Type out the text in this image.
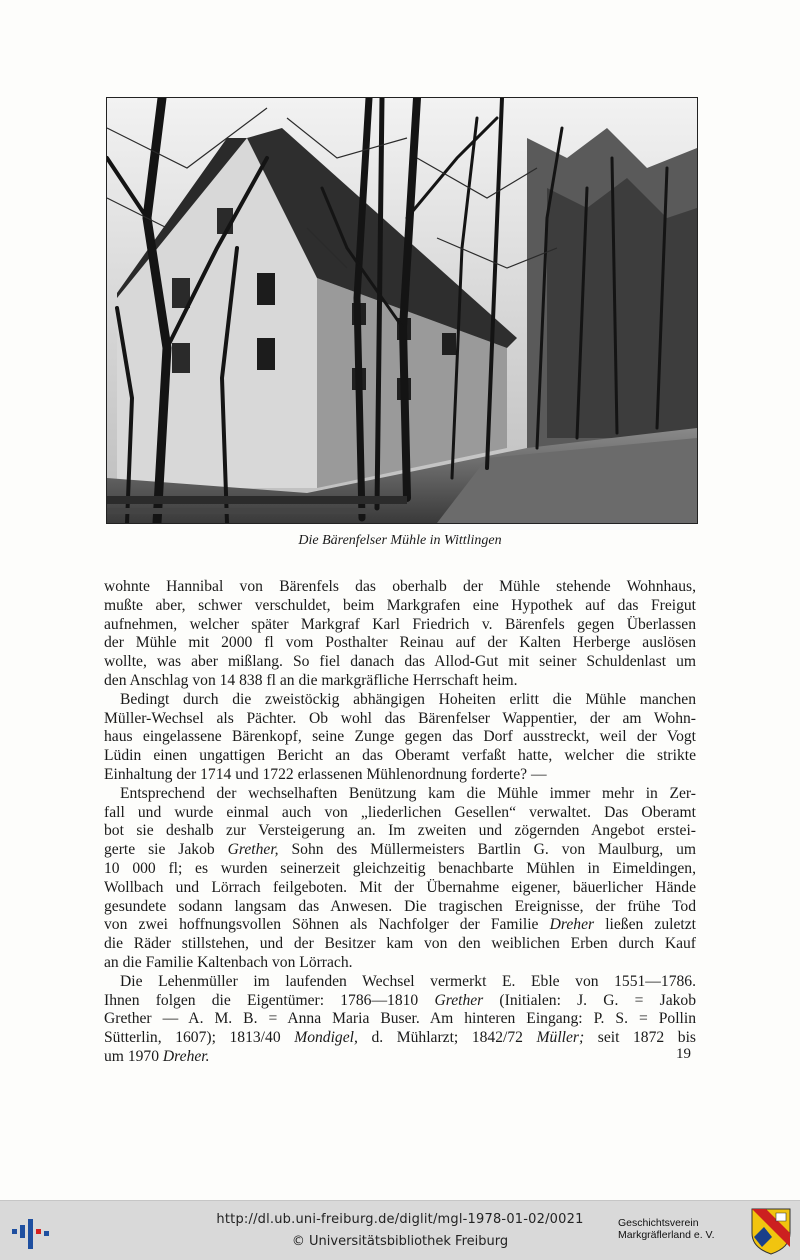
Die Bärenfelser Mühle in Wittlingen
wohnte Hannibal von Bärenfels das oberhalb der Mühle stehende Wohnhaus,
mußte aber, schwer verschuldet, beim Markgrafen eine Hypothek auf das Freigut
aufnehmen, welcher später Markgraf Karl Friedrich v. Bärenfels gegen Überlassen
der Mühle mit 2000 fl vom Posthalter Reinau auf der Kalten Herberge auslösen
wollte, was aber mißlang. So fiel danach das Allod-Gut mit seiner Schuldenlast um
den Anschlag von 14 838 fl an die markgräfliche Herrschaft heim.
Bedingt durch die zweistöckig abhängigen Hoheiten erlitt die Mühle manchen
Müller-Wechsel als Pächter. Ob wohl das Bärenfelser Wappentier, der am Wohn-
haus eingelassene Bärenkopf, seine Zunge gegen das Dorf ausstreckt, weil der Vogt
Lüdin einen ungattigen Bericht an das Oberamt verfaßt hatte, welcher die strikte
Einhaltung der 1714 und 1722 erlassenen Mühlenordnung forderte? —
Entsprechend der wechselhaften Benützung kam die Mühle immer mehr in Zer-
fall und wurde einmal auch von „liederlichen Gesellen“ verwaltet. Das Oberamt
bot sie deshalb zur Versteigerung an. Im zweiten und zögernden Angebot erstei-
gerte sie Jakob Grether, Sohn des Müllermeisters Bartlin G. von Maulburg, um
10 000 fl; es wurden seinerzeit gleichzeitig benachbarte Mühlen in Eimeldingen,
Wollbach und Lörrach feilgeboten. Mit der Übernahme eigener, bäuerlicher Hände
gesundete sodann langsam das Anwesen. Die tragischen Ereignisse, der frühe Tod
von zwei hoffnungsvollen Söhnen als Nachfolger der Familie Dreher ließen zuletzt
die Räder stillstehen, und der Besitzer kam von den weiblichen Erben durch Kauf
an die Familie Kaltenbach von Lörrach.
Die Lehenmüller im laufenden Wechsel vermerkt E. Eble von 1551—1786.
Ihnen folgen die Eigentümer: 1786—1810 Grether (Initialen: J. G. = Jakob
Grether — A. M. B. = Anna Maria Buser. Am hinteren Eingang: P. S. = Pollin
Sütterlin, 1607); 1813/40 Mondigel, d. Mühlarzt; 1842/72 Müller; seit 1872 bis
um 1970 Dreher.	19
http://dl.ub.uni-freiburg.de/diglit/mgl-1978-01-02/0021
© Universitätsbibliothek Freiburg
Geschichtsverein
Markgräflerland e. V.
